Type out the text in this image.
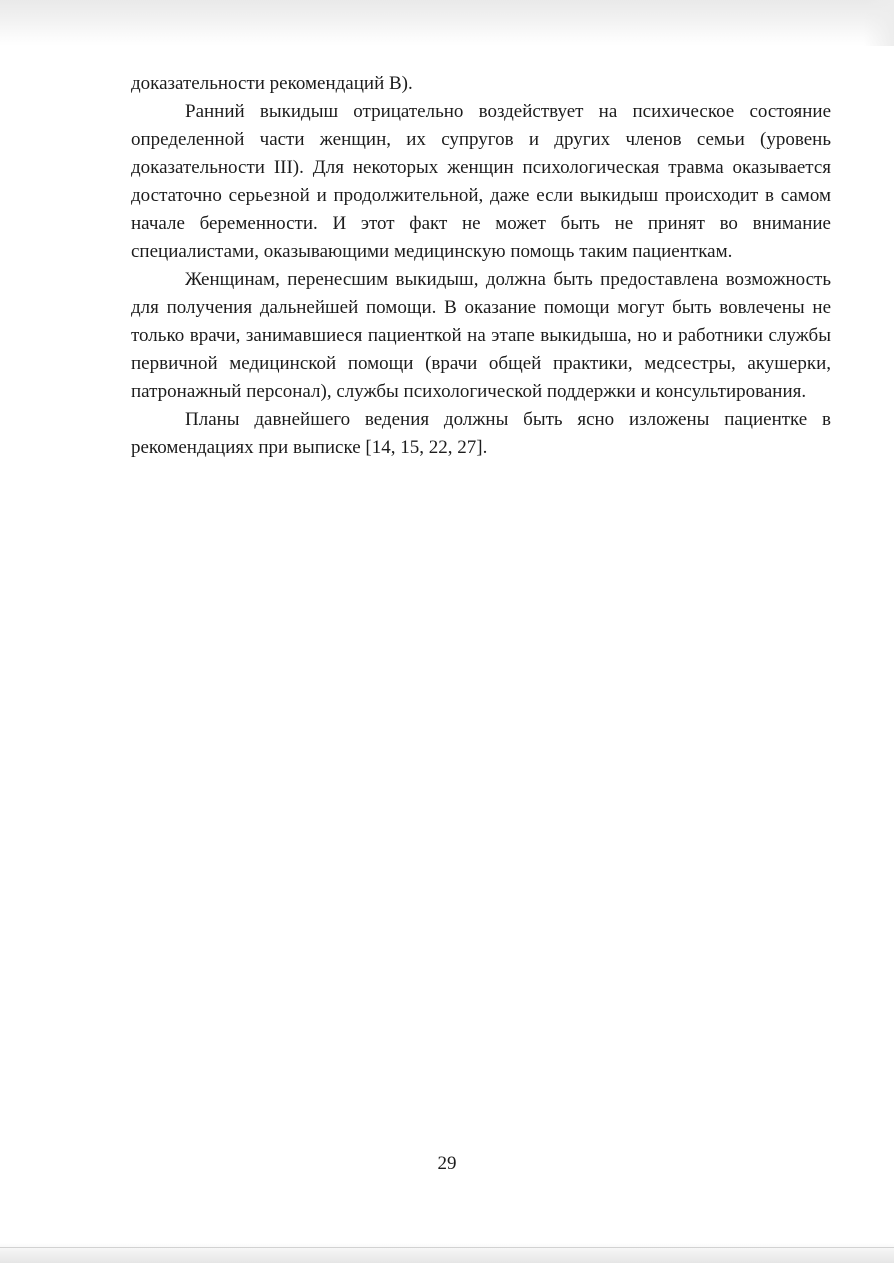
доказательности рекомендаций В).

Ранний выкидыш отрицательно воздействует на психическое состояние определенной части женщин, их супругов и других членов семьи (уровень доказательности III). Для некоторых женщин психологическая травма оказывается достаточно серьезной и продолжительной, даже если выкидыш происходит в самом начале беременности. И этот факт не может быть не принят во внимание специалистами, оказывающими медицинскую помощь таким пациенткам.

Женщинам, перенесшим выкидыш, должна быть предоставлена возможность для получения дальнейшей помощи. В оказание помощи могут быть вовлечены не только врачи, занимавшиеся пациенткой на этапе выкидыша, но и работники службы первичной медицинской помощи (врачи общей практики, медсестры, акушерки, патронажный персонал), службы психологической поддержки и консультирования.

Планы давнейшего ведения должны быть ясно изложены пациентке в рекомендациях при выписке [14, 15, 22, 27].

29
